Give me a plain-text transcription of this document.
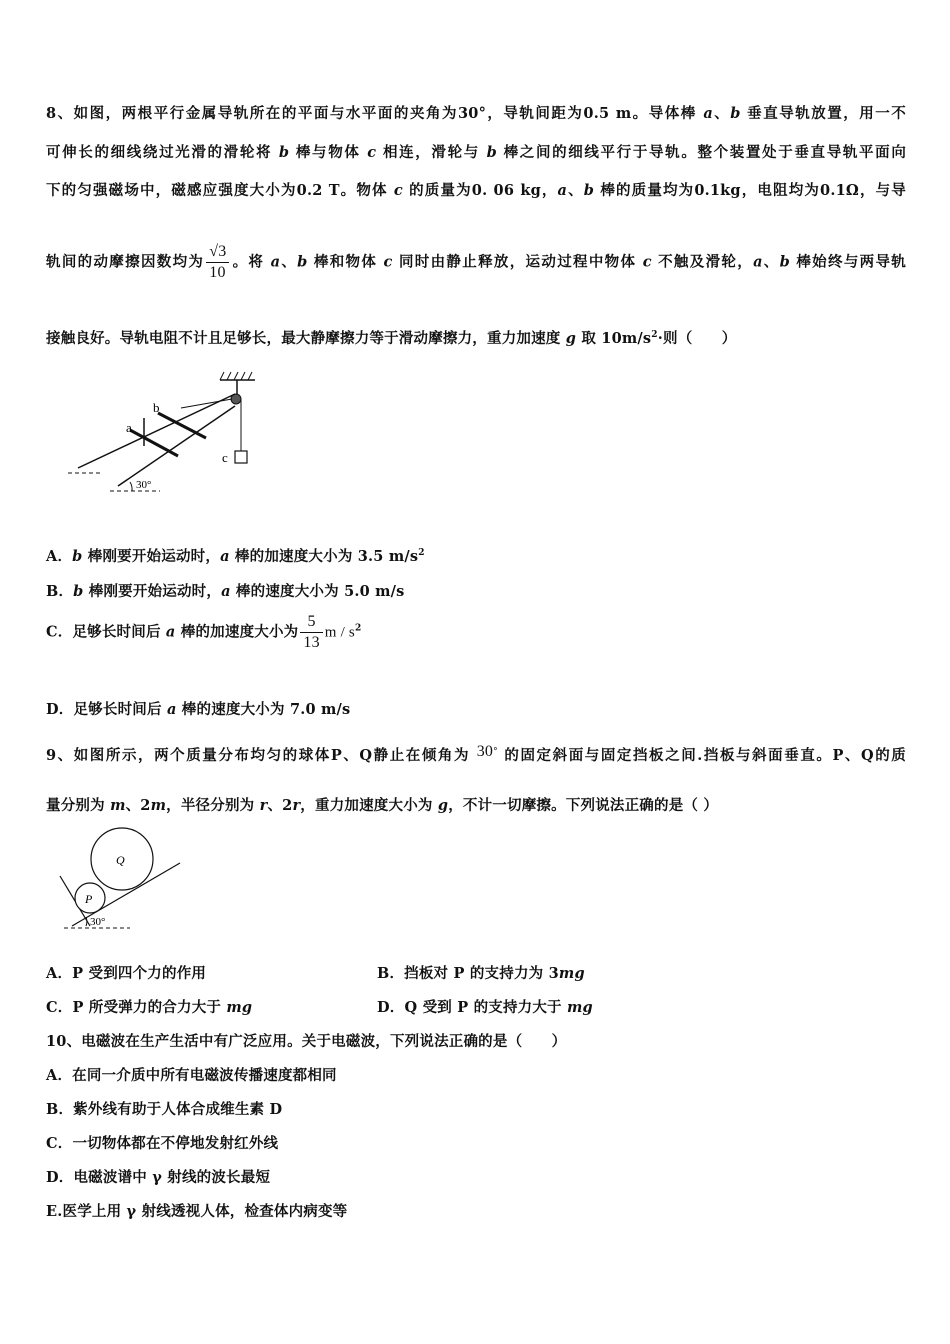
8、如图，两根平行金属导轨所在的平面与水平面的夹角为30°，导轨间距为0.5 m。导体棒 a、b 垂直导轨放置，用一不
可伸长的细线绕过光滑的滑轮将 b 棒与物体 c 相连，滑轮与 b 棒之间的细线平行于导轨。整个装置处于垂直导轨平面向
下的匀强磁场中，磁感应强度大小为0.2 T。物体 c 的质量为0. 06 kg，a、b 棒的质量均为0.1kg，电阻均为0.1Ω，与导
轨间的动摩擦因数均为 $\frac{√3}{10}$ 。将 a、b 棒和物体 c 同时由静止释放，运动过程中物体 c 不触及滑轮，a、b 棒始终与两导轨
接触良好。导轨电阻不计且足够长，最大静摩擦力等于滑动摩擦力，重力加速度 g 取 $10m/s^2\cdot$则（　　）
a
b
c
30°
A．b 棒刚要开始运动时，a 棒的加速度大小为 3.5 $m/s^2$
B．b 棒刚要开始运动时，a 棒的速度大小为 5.0 m/s
C．足够长时间后 a 棒的加速度大小为 $\frac{5}{13}$ m / $s^2$
D．足够长时间后 a 棒的速度大小为 7.0 m/s
9、如图所示，两个质量分布均匀的球体P、Q静止在倾角为 30° 的固定斜面与固定挡板之间.挡板与斜面垂直。P、Q的质
量分别为 m、2m，半径分别为 r、2r，重力加速度大小为 g，不计一切摩擦。下列说法正确的是（ ）
P
Q
30°
A．P 受到四个力的作用	B．挡板对 P 的支持力为 3mg
C．P 所受弹力的合力大于 mg	D．Q 受到 P 的支持力大于 mg
10、电磁波在生产生活中有广泛应用。关于电磁波，下列说法正确的是（　　）
A．在同一介质中所有电磁波传播速度都相同
B．紫外线有助于人体合成维生素 D
C．一切物体都在不停地发射红外线
D．电磁波谱中 γ 射线的波长最短
E.医学上用 γ 射线透视人体，检查体内病变等
